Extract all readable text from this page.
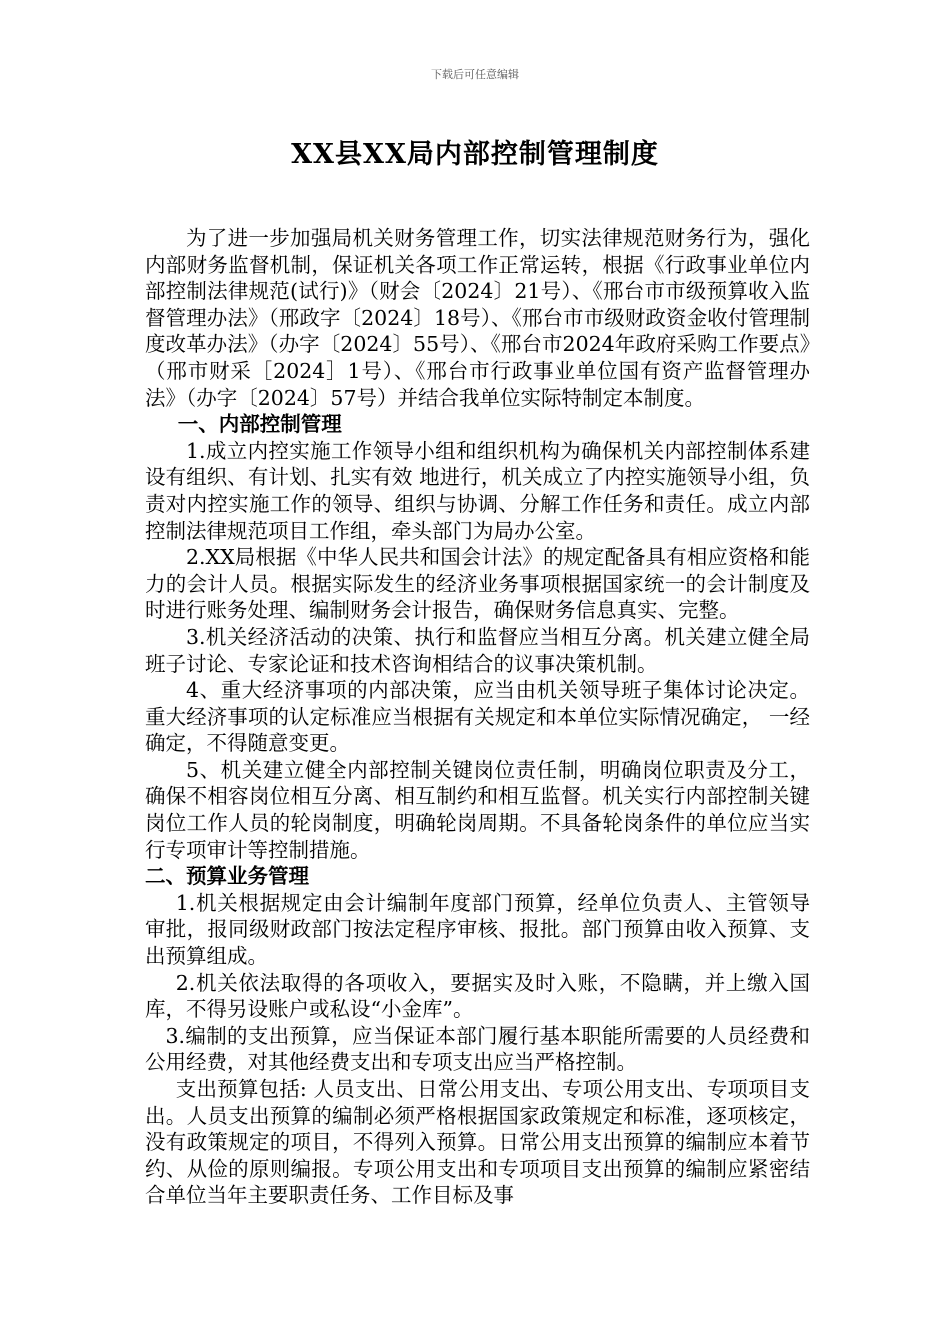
下载后可任意编辑
XX县XX局内部控制管理制度

为了进一步加强局机关财务管理工作，切实法律规范财务行为，强化内部财务监督机制，保证机关各项工作正常运转，根据《行政事业单位内部控制法律规范(试行)》（财会〔2024〕21号）、《邢台市市级预算收入监督管理办法》（邢政字〔2024〕18号）、《邢台市市级财政资金收付管理制度改革办法》（办字〔2024〕55号）、《邢台市2024年政府采购工作要点》（邢市财采［2024］1号）、《邢台市行政事业单位国有资产监督管理办法》（办字〔2024〕57号）并结合我单位实际特制定本制度。

一、内部控制管理

1.成立内控实施工作领导小组和组织机构为确保机关内部控制体系建设有组织、有计划、扎实有效 地进行，机关成立了内控实施领导小组，负责对内控实施工作的领导、组织与协调、分解工作任务和责任。成立内部控制法律规范项目工作组，牵头部门为局办公室。

2.XX局根据《中华人民共和国会计法》的规定配备具有相应资格和能力的会计人员。根据实际发生的经济业务事项根据国家统一的会计制度及时进行账务处理、编制财务会计报告，确保财务信息真实、完整。

3.机关经济活动的决策、执行和监督应当相互分离。机关建立健全局班子讨论、专家论证和技术咨询相结合的议事决策机制。

4、重大经济事项的内部决策，应当由机关领导班子集体讨论决定。 重大经济事项的认定标准应当根据有关规定和本单位实际情况确定， 一经确定，不得随意变更。

5、机关建立健全内部控制关键岗位责任制，明确岗位职责及分工，确保不相容岗位相互分离、相互制约和相互监督。机关实行内部控制关键岗位工作人员的轮岗制度，明确轮岗周期。不具备轮岗条件的单位应当实行专项审计等控制措施。

二、预算业务管理

1.机关根据规定由会计编制年度部门预算，经单位负责人、主管领导审批，报同级财政部门按法定程序审核、报批。部门预算由收入预算、支出预算组成。

2.机关依法取得的各项收入，要据实及时入账，不隐瞒，并上缴入国库，不得另设账户或私设“小金库”。

3.编制的支出预算，应当保证本部门履行基本职能所需要的人员经费和公用经费，对其他经费支出和专项支出应当严格控制。

支出预算包括: 人员支出、日常公用支出、专项公用支出、专项项目支出。人员支出预算的编制必须严格根据国家政策规定和标准，逐项核定，没有政策规定的项目，不得列入预算。日常公用支出预算的编制应本着节约、从俭的原则编报。专项公用支出和专项项目支出预算的编制应紧密结合单位当年主要职责任务、工作目标及事
